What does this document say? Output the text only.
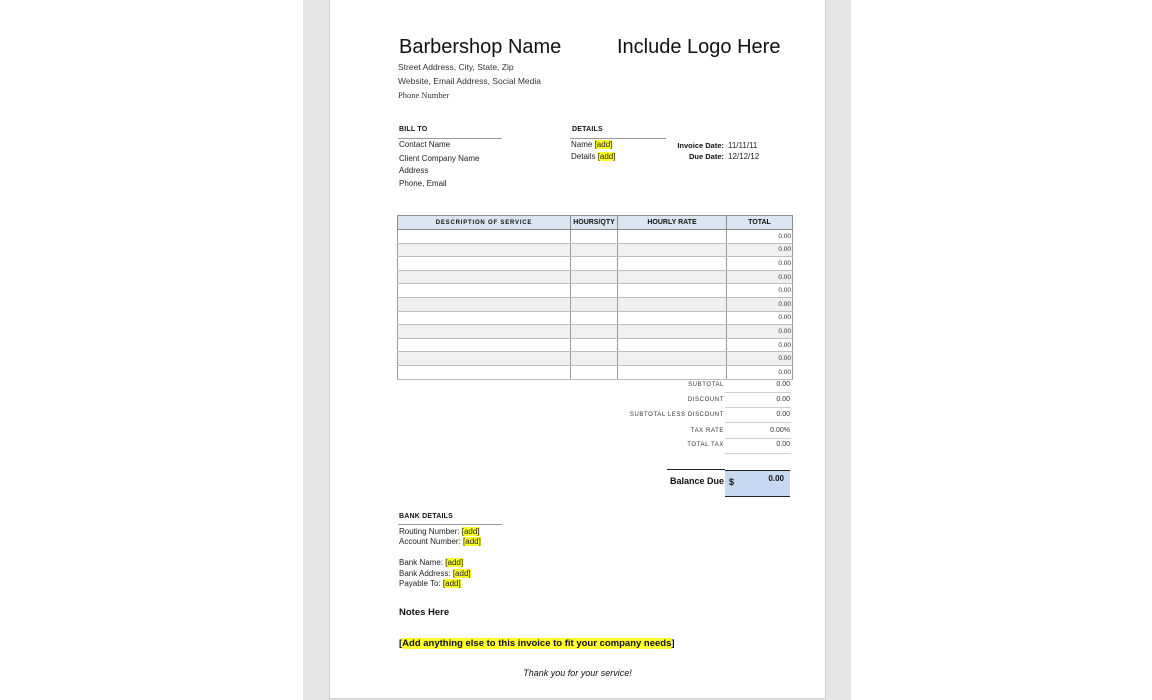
Barbershop Name	Include Logo Here
Street Address, City, State, Zip
Website, Email Address, Social Media
Phone Number
BILL TO
Contact Name
Client Company Name
Address
Phone, Email
DETAILS
Name [add]
Details [add]
Invoice Date: 11/11/11
Due Date: 12/12/12
DESCRIPTION OF SERVICE	HOURS/QTY	HOURLY RATE	TOTAL
			0.00
			0.00
			0.00
			0.00
			0.00
			0.00
			0.00
			0.00
			0.00
			0.00
			0.00
SUBTOTAL	0.00
DISCOUNT	0.00
SUBTOTAL LESS DISCOUNT	0.00
TAX RATE	0.00%
TOTAL TAX	0.00
Balance Due $	0.00
BANK DETAILS
Routing Number: [add]
Account Number: [add]
Bank Name: [add]
Bank Address: [add]
Payable To: [add]
Notes Here
[Add anything else to this invoice to fit your company needs]
Thank you for your service!
